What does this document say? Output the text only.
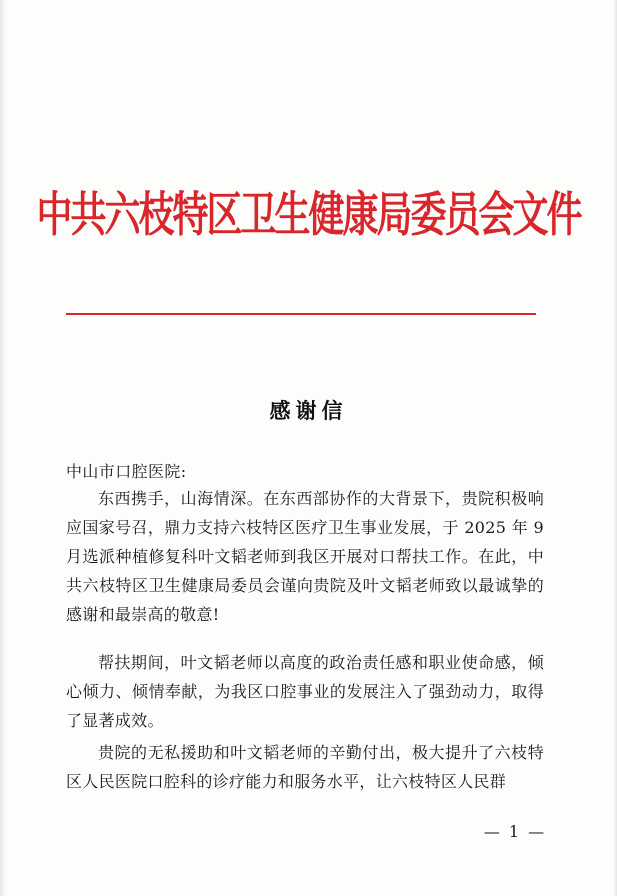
中共六枝特区卫生健康局委员会文件
感谢信
中山市口腔医院:
东西携手，山海情深。在东西部协作的大背景下，贵院积极响应国家号召，鼎力支持六枝特区医疗卫生事业发展，于 2025 年 9 月选派种植修复科叶文韬老师到我区开展对口帮扶工作。在此，中共六枝特区卫生健康局委员会谨向贵院及叶文韬老师致以最诚挚的感谢和最崇高的敬意!
帮扶期间，叶文韬老师以高度的政治责任感和职业使命感，倾心倾力、倾情奉献，为我区口腔事业的发展注入了强劲动力，取得了显著成效。
贵院的无私援助和叶文韬老师的辛勤付出，极大提升了六枝特区人民医院口腔科的诊疗能力和服务水平，让六枝特区人民群
— 1 —
